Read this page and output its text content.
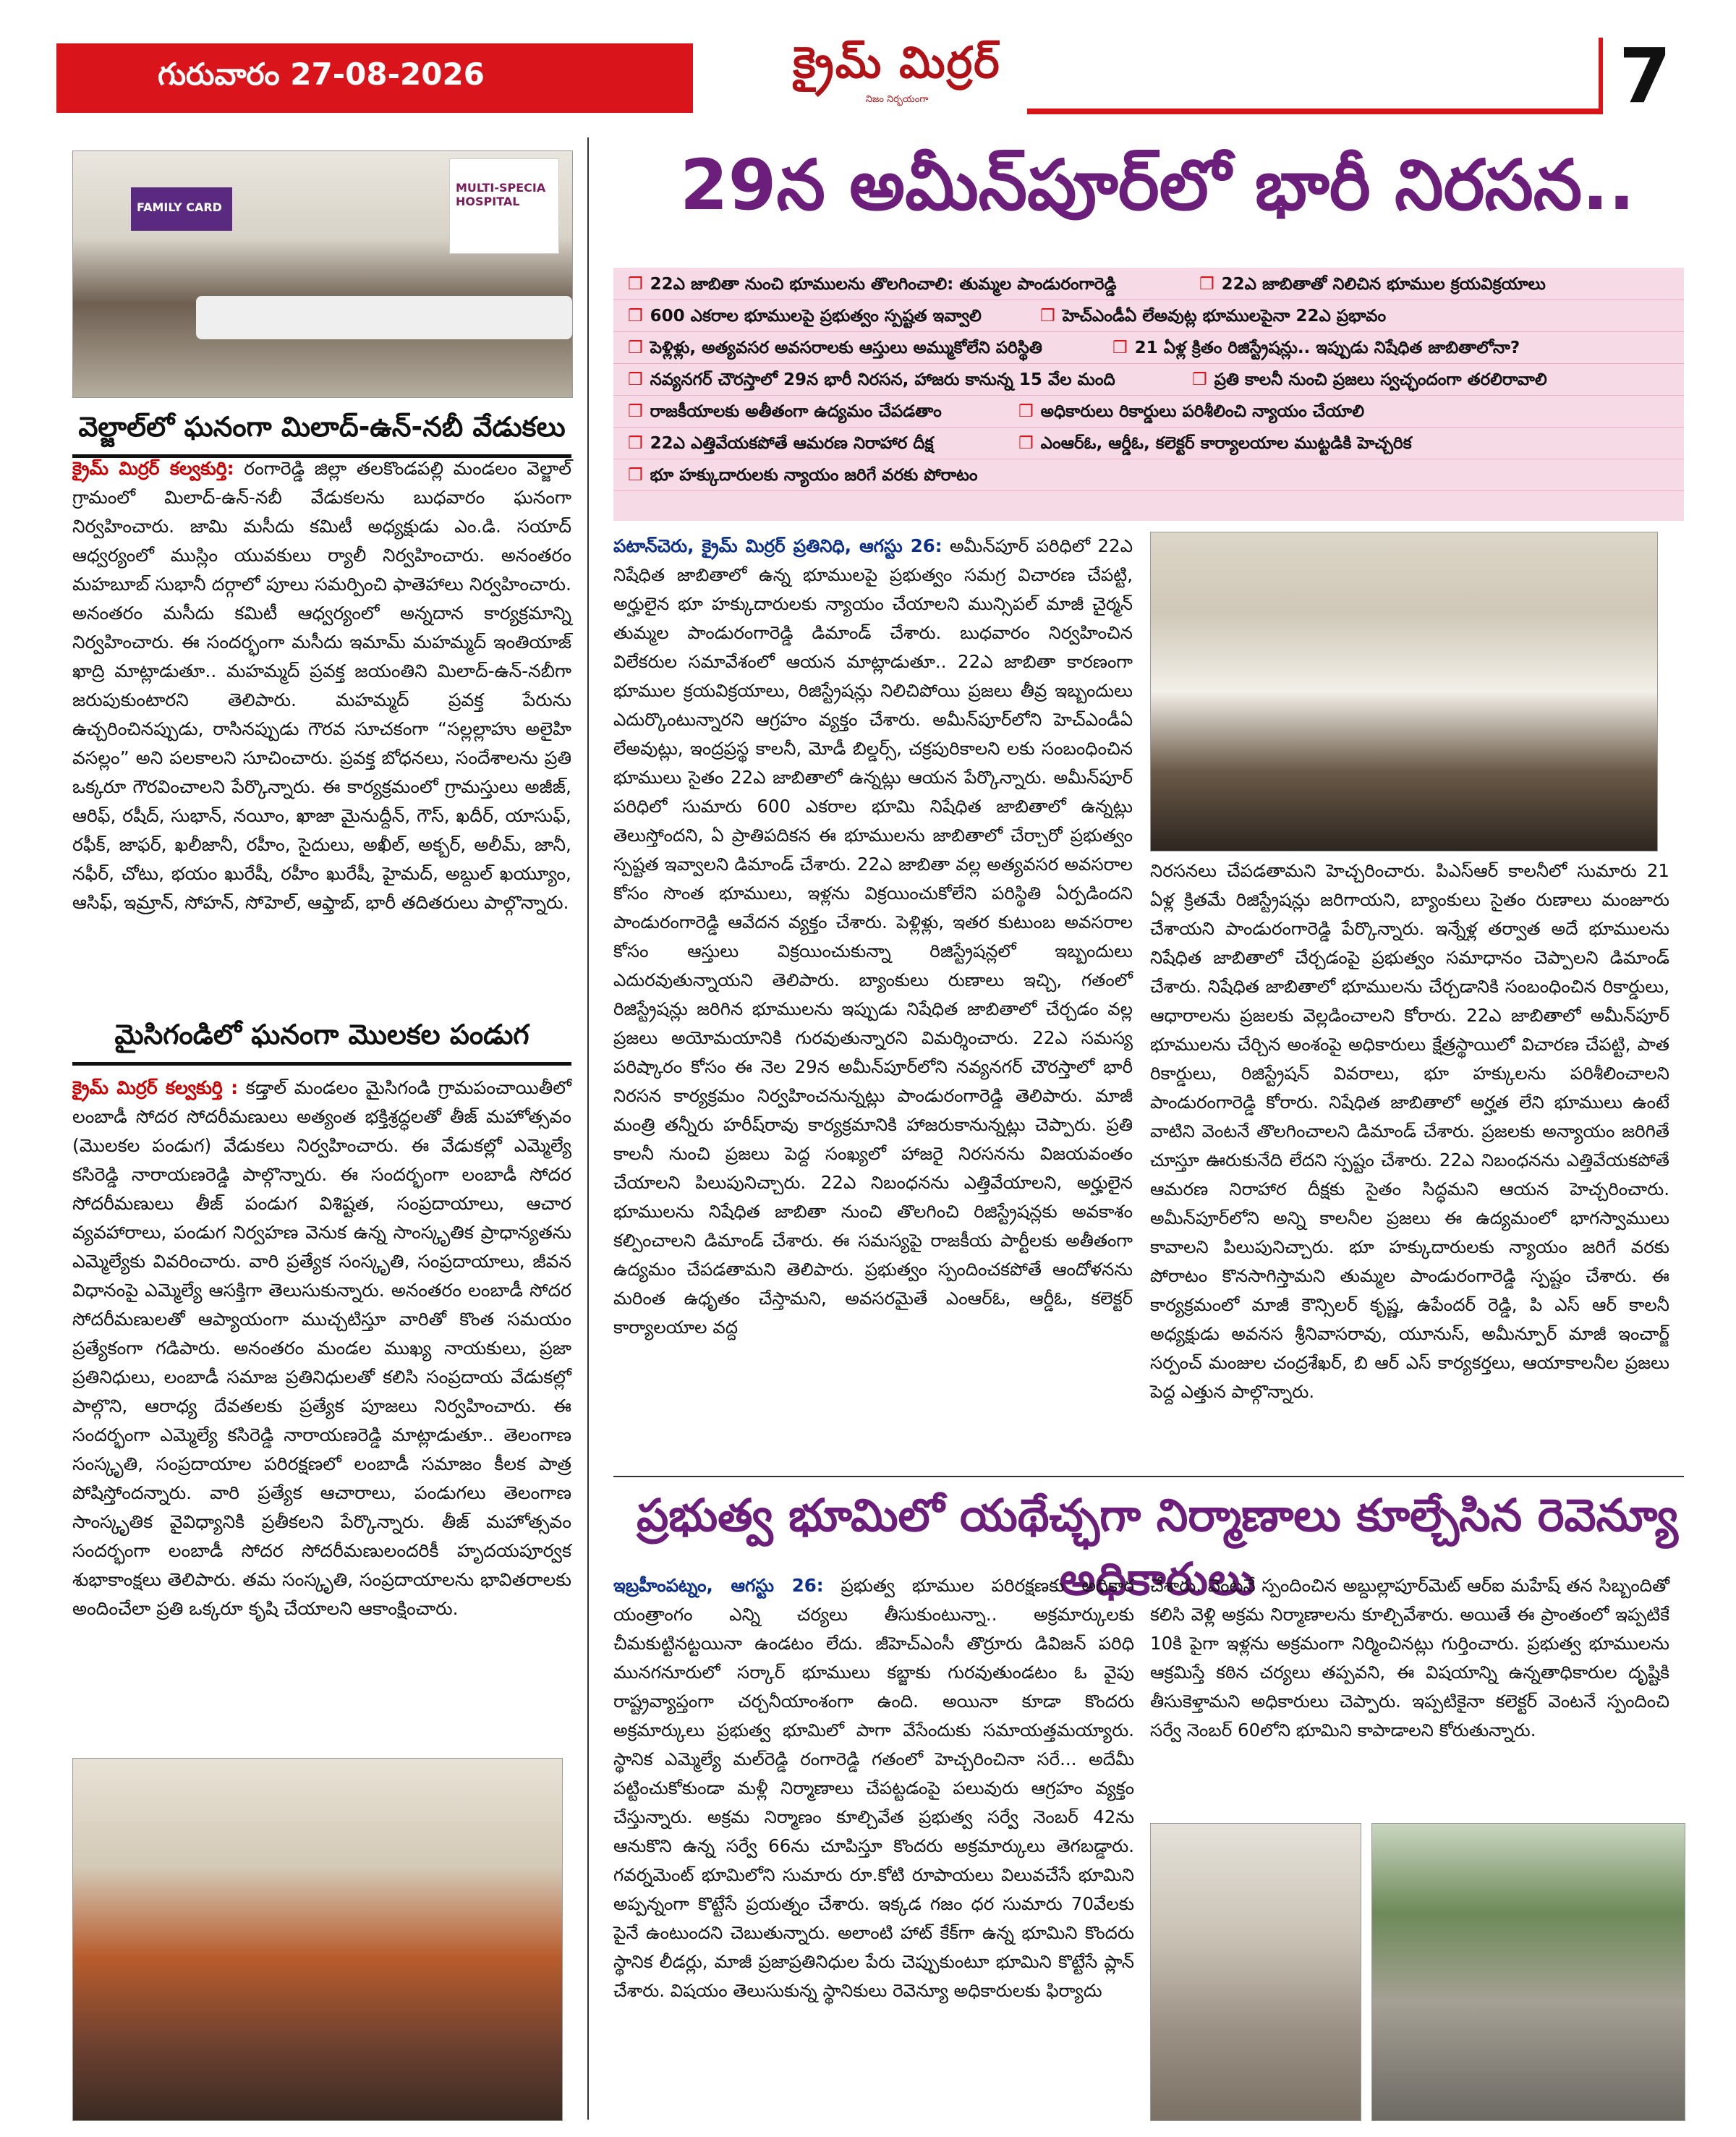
గురువారం 27-08-2026	క్రైమ్ మిర్రర్
నిజం నిర్భయంగా	7
MULTI-SPECIA HOSPITAL
FAMILY CARD
వెల్జాల్‌లో ఘనంగా మిలాద్-ఉన్-నబీ వేడుకలు

క్రైమ్ మిర్రర్ కల్వకుర్తి: రంగారెడ్డి జిల్లా తలకొండపల్లి మండలం వెల్జాల్ గ్రామంలో మిలాద్-ఉన్-నబీ వేడుకలను బుధవారం ఘనంగా నిర్వహించారు. జామి మసీదు కమిటీ అధ్యక్షుడు ఎం.డి. సయాద్ ఆధ్వర్యంలో ముస్లిం యువకులు ర్యాలీ నిర్వహించారు. అనంతరం మహబూబ్ సుభానీ దర్గాలో పూలు సమర్పించి ఫాతెహాలు నిర్వహించారు. అనంతరం మసీదు కమిటీ ఆధ్వర్యంలో అన్నదాన కార్యక్రమాన్ని నిర్వహించారు. ఈ సందర్భంగా మసీదు ఇమామ్ మహమ్మద్ ఇంతియాజ్ ఖాద్రి మాట్లాడుతూ.. మహమ్మద్ ప్రవక్త జయంతిని మిలాద్-ఉన్-నబీగా జరుపుకుంటారని తెలిపారు. మహమ్మద్ ప్రవక్త పేరును ఉచ్చరించినప్పుడు, రాసినప్పుడు గౌరవ సూచకంగా “సల్లల్లాహు అలైహి వసల్లం” అని పలకాలని సూచించారు. ప్రవక్త బోధనలు, సందేశాలను ప్రతి ఒక్కరూ గౌరవించాలని పేర్కొన్నారు. ఈ కార్యక్రమంలో గ్రామస్తులు అజీజ్, ఆరిఫ్, రషీద్, సుభాన్, నయీం, ఖాజా మైనుద్దీన్, గౌస్, ఖదీర్, యాసుఫ్, రఫీక్, జాఫర్, ఖలీజానీ, రహీం, సైదులు, అఖీల్, అక్బర్, అలీమ్, జానీ, నఫీర్, చోటు, భయం ఖురేషీ, రహీం ఖురేషీ, హైమద్, అబ్దుల్ ఖయ్యూం, ఆసిఫ్, ఇమ్రాన్, సోహన్, సోహెల్, ఆఫ్తాబ్, భారీ తదితరులు పాల్గొన్నారు.

మైసిగండిలో ఘనంగా మొలకల పండుగ

క్రైమ్ మిర్రర్ కల్వకుర్తి : కడ్తాల్ మండలం మైసిగండి గ్రామపంచాయితీలో లంబాడీ సోదర సోదరీమణులు అత్యంత భక్తిశ్రద్ధలతో తీజ్ మహోత్సవం (మొలకల పండుగ) వేడుకలు నిర్వహించారు. ఈ వేడుకల్లో ఎమ్మెల్యే కసిరెడ్డి నారాయణరెడ్డి పాల్గొన్నారు. ఈ సందర్భంగా లంబాడీ సోదర సోదరీమణులు తీజ్ పండుగ విశిష్టత, సంప్రదాయాలు, ఆచార వ్యవహారాలు, పండుగ నిర్వహణ వెనుక ఉన్న సాంస్కృతిక ప్రాధాన్యతను ఎమ్మెల్యేకు వివరించారు. వారి ప్రత్యేక సంస్కృతి, సంప్రదాయాలు, జీవన విధానంపై ఎమ్మెల్యే ఆసక్తిగా తెలుసుకున్నారు. అనంతరం లంబాడీ సోదర సోదరీమణులతో ఆప్యాయంగా ముచ్చటిస్తూ వారితో కొంత సమయం ప్రత్యేకంగా గడిపారు. అనంతరం మండల ముఖ్య నాయకులు, ప్రజా ప్రతినిధులు, లంబాడీ సమాజ ప్రతినిధులతో కలిసి సంప్రదాయ వేడుకల్లో పాల్గొని, ఆరాధ్య దేవతలకు ప్రత్యేక పూజలు నిర్వహించారు. ఈ సందర్భంగా ఎమ్మెల్యే కసిరెడ్డి నారాయణరెడ్డి మాట్లాడుతూ.. తెలంగాణ సంస్కృతి, సంప్రదాయాల పరిరక్షణలో లంబాడీ సమాజం కీలక పాత్ర పోషిస్తోందన్నారు. వారి ప్రత్యేక ఆచారాలు, పండుగలు తెలంగాణ సాంస్కృతిక వైవిధ్యానికి ప్రతీకలని పేర్కొన్నారు. తీజ్ మహోత్సవం సందర్భంగా లంబాడీ సోదర సోదరీమణులందరికీ హృదయపూర్వక శుభాకాంక్షలు తెలిపారు. తమ సంస్కృతి, సంప్రదాయాలను భావితరాలకు అందించేలా ప్రతి ఒక్కరూ కృషి చేయాలని ఆకాంక్షించారు.

29న అమీన్‌పూర్‌లో భారీ నిరసన..
❒ 22ఎ జాబితా నుంచి భూములను తొలగించాలి: తుమ్మల పాండురంగారెడ్డి	❒ 22ఎ జాబితాతో నిలిచిన భూముల క్రయవిక్రయాలు
❒ 600 ఎకరాల భూములపై ప్రభుత్వం స్పష్టత ఇవ్వాలి	❒ హెచ్‌ఎండీఏ లేఅవుట్ల భూములపైనా 22ఎ ప్రభావం
❒ పెళ్లిళ్లు, అత్యవసర అవసరాలకు ఆస్తులు అమ్ముకోలేని పరిస్థితి	❒ 21 ఏళ్ల క్రితం రిజిస్ట్రేషన్లు.. ఇప్పుడు నిషేధిత జాబితాలోనా?
❒ నవ్యనగర్ చౌరస్తాలో 29న భారీ నిరసన, హాజరు కానున్న 15 వేల మంది	❒ ప్రతి కాలనీ నుంచి ప్రజలు స్వచ్ఛందంగా తరలిరావాలి
❒ రాజకీయాలకు అతీతంగా ఉద్యమం చేపడతాం	❒ అధికారులు రికార్డులు పరిశీలించి న్యాయం చేయాలి
❒ 22ఎ ఎత్తివేయకపోతే ఆమరణ నిరాహార దీక్ష	❒ ఎంఆర్‌ఓ, ఆర్డీఓ, కలెక్టర్ కార్యాలయాల ముట్టడికి హెచ్చరిక
❒ భూ హక్కుదారులకు న్యాయం జరిగే వరకు పోరాటం

పటాన్‌చెరు, క్రైమ్ మిర్రర్ ప్రతినిధి, ఆగస్టు 26: అమీన్‌పూర్ పరిధిలో 22ఎ నిషేధిత జాబితాలో ఉన్న భూములపై ప్రభుత్వం సమగ్ర విచారణ చేపట్టి, అర్హులైన భూ హక్కుదారులకు న్యాయం చేయాలని మున్సిపల్ మాజీ చైర్మన్ తుమ్మల పాండురంగారెడ్డి డిమాండ్ చేశారు. బుధవారం నిర్వహించిన విలేకరుల సమావేశంలో ఆయన మాట్లాడుతూ.. 22ఎ జాబితా కారణంగా భూముల క్రయవిక్రయాలు, రిజిస్ట్రేషన్లు నిలిచిపోయి ప్రజలు తీవ్ర ఇబ్బందులు ఎదుర్కొంటున్నారని ఆగ్రహం వ్యక్తం చేశారు. అమీన్‌పూర్‌లోని హెచ్‌ఎండీఏ లేఅవుట్లు, ఇంద్రప్రస్థ కాలనీ, మోడీ బిల్డర్స్, చక్రపురికాలని లకు సంబంధించిన భూములు సైతం 22ఎ జాబితాలో ఉన్నట్లు ఆయన పేర్కొన్నారు. అమీన్‌పూర్ పరిధిలో సుమారు 600 ఎకరాల భూమి నిషేధిత జాబితాలో ఉన్నట్లు తెలుస్తోందని, ఏ ప్రాతిపదికన ఈ భూములను జాబితాలో చేర్చారో ప్రభుత్వం స్పష్టత ఇవ్వాలని డిమాండ్ చేశారు. 22ఎ జాబితా వల్ల అత్యవసర అవసరాల కోసం సొంత భూములు, ఇళ్లను విక్రయించుకోలేని పరిస్థితి ఏర్పడిందని పాండురంగారెడ్డి ఆవేదన వ్యక్తం చేశారు. పెళ్లిళ్లు, ఇతర కుటుంబ అవసరాల కోసం ఆస్తులు విక్రయించుకున్నా రిజిస్ట్రేషన్లలో ఇబ్బందులు ఎదురవుతున్నాయని తెలిపారు. బ్యాంకులు రుణాలు ఇచ్చి, గతంలో రిజిస్ట్రేషన్లు జరిగిన భూములను ఇప్పుడు నిషేధిత జాబితాలో చేర్చడం వల్ల ప్రజలు అయోమయానికి గురవుతున్నారని విమర్శించారు. 22ఎ సమస్య పరిష్కారం కోసం ఈ నెల 29న అమీన్‌పూర్‌లోని నవ్యనగర్ చౌరస్తాలో భారీ నిరసన కార్యక్రమం నిర్వహించనున్నట్లు పాండురంగారెడ్డి తెలిపారు. మాజీ మంత్రి తన్నీరు హరీష్‌రావు కార్యక్రమానికి హాజరుకానున్నట్లు చెప్పారు. ప్రతి కాలనీ నుంచి ప్రజలు పెద్ద సంఖ్యలో హాజరై నిరసనను విజయవంతం చేయాలని పిలుపునిచ్చారు. 22ఎ నిబంధనను ఎత్తివేయాలని, అర్హులైన భూములను నిషేధిత జాబితా నుంచి తొలగించి రిజిస్ట్రేషన్లకు అవకాశం కల్పించాలని డిమాండ్ చేశారు. ఈ సమస్యపై రాజకీయ పార్టీలకు అతీతంగా ఉద్యమం చేపడతామని తెలిపారు. ప్రభుత్వం స్పందించకపోతే ఆందోళనను మరింత ఉధృతం చేస్తామని, అవసరమైతే ఎంఆర్‌ఓ, ఆర్డీఓ, కలెక్టర్ కార్యాలయాల వద్ద

నిరసనలు చేపడతామని హెచ్చరించారు. పిఎస్‌ఆర్ కాలనీలో సుమారు 21 ఏళ్ల క్రితమే రిజిస్ట్రేషన్లు జరిగాయని, బ్యాంకులు సైతం రుణాలు మంజూరు చేశాయని పాండురంగారెడ్డి పేర్కొన్నారు. ఇన్నేళ్ల తర్వాత అదే భూములను నిషేధిత జాబితాలో చేర్చడంపై ప్రభుత్వం సమాధానం చెప్పాలని డిమాండ్ చేశారు. నిషేధిత జాబితాలో భూములను చేర్చడానికి సంబంధించిన రికార్డులు, ఆధారాలను ప్రజలకు వెల్లడించాలని కోరారు. 22ఎ జాబితాలో అమీన్‌పూర్ భూములను చేర్చిన అంశంపై అధికారులు క్షేత్రస్థాయిలో విచారణ చేపట్టి, పాత రికార్డులు, రిజిస్ట్రేషన్ వివరాలు, భూ హక్కులను పరిశీలించాలని పాండురంగారెడ్డి కోరారు. నిషేధిత జాబితాలో అర్హత లేని భూములు ఉంటే వాటిని వెంటనే తొలగించాలని డిమాండ్ చేశారు. ప్రజలకు అన్యాయం జరిగితే చూస్తూ ఊరుకునేది లేదని స్పష్టం చేశారు. 22ఎ నిబంధనను ఎత్తివేయకపోతే ఆమరణ నిరాహార దీక్షకు సైతం సిద్ధమని ఆయన హెచ్చరించారు. అమీన్‌పూర్‌లోని అన్ని కాలనీల ప్రజలు ఈ ఉద్యమంలో భాగస్వాములు కావాలని పిలుపునిచ్చారు. భూ హక్కుదారులకు న్యాయం జరిగే వరకు పోరాటం కొనసాగిస్తామని తుమ్మల పాండురంగారెడ్డి స్పష్టం చేశారు. ఈ కార్యక్రమంలో మాజీ కౌన్సిలర్ కృష్ణ, ఉపేందర్ రెడ్డి, పి ఎస్ ఆర్ కాలనీ అధ్యక్షుడు అవనస శ్రీనివాసరావు, యూనుస్, అమీన్పూర్ మాజీ ఇంచార్జ్ సర్పంచ్ మంజుల చంద్రశేఖర్, బి ఆర్ ఎస్ కార్యకర్తలు, ఆయాకాలనీల ప్రజలు పెద్ద ఎత్తున పాల్గొన్నారు.

ప్రభుత్వ భూమిలో యథేచ్ఛగా నిర్మాణాలు కూల్చేసిన రెవెన్యూ అధికారులు

ఇబ్రహీంపట్నం, ఆగస్టు 26: ప్రభుత్వ భూముల పరిరక్షణకు అధికార యంత్రాంగం ఎన్ని చర్యలు తీసుకుంటున్నా.. అక్రమార్కులకు చీమకుట్టినట్టయినా ఉండటం లేదు. జీహెచ్‌ఎంసీ తొర్రూరు డివిజన్ పరిధి మునగనూరులో సర్కార్ భూములు కబ్జాకు గురవుతుండటం ఓ వైపు రాష్ట్రవ్యాప్తంగా చర్చనీయాంశంగా ఉంది. అయినా కూడా కొందరు అక్రమార్కులు ప్రభుత్వ భూమిలో పాగా వేసేందుకు సమాయత్తమయ్యారు. స్థానిక ఎమ్మెల్యే మల్‌రెడ్డి రంగారెడ్డి గతంలో హెచ్చరించినా సరే... అదేమీ పట్టించుకోకుండా మళ్లీ నిర్మాణాలు చేపట్టడంపై పలువురు ఆగ్రహం వ్యక్తం చేస్తున్నారు. అక్రమ నిర్మాణం కూల్చివేత ప్రభుత్వ సర్వే నెంబర్ 42ను ఆనుకొని ఉన్న సర్వే 66ను చూపిస్తూ కొందరు అక్రమార్కులు తెగబడ్డారు. గవర్నమెంట్ భూమిలోని సుమారు రూ.కోటి రూపాయలు విలువచేసే భూమిని అప్పన్నంగా కొట్టేసే ప్రయత్నం చేశారు. ఇక్కడ గజం ధర సుమారు 70వేలకు పైనే ఉంటుందని చెబుతున్నారు. అలాంటి హాట్ కేక్‌గా ఉన్న భూమిని కొందరు స్థానిక లీడర్లు, మాజీ ప్రజాప్రతినిధుల పేరు చెప్పుకుంటూ భూమిని కొట్టేసే ప్లాన్ చేశారు. విషయం తెలుసుకున్న స్థానికులు రెవెన్యూ అధికారులకు ఫిర్యాదు

చేశారు. వెంటనే స్పందించిన అబ్దుల్లాపూర్‌మెట్ ఆర్‌ఐ మహేష్ తన సిబ్బందితో కలిసి వెళ్లి అక్రమ నిర్మాణాలను కూల్చివేశారు. అయితే ఈ ప్రాంతంలో ఇప్పటికే 10కి పైగా ఇళ్లను అక్రమంగా నిర్మించినట్లు గుర్తించారు. ప్రభుత్వ భూములను ఆక్రమిస్తే కఠిన చర్యలు తప్పవని, ఈ విషయాన్ని ఉన్నతాధికారుల దృష్టికి తీసుకెళ్తామని అధికారులు చెప్పారు. ఇప్పటికైనా కలెక్టర్ వెంటనే స్పందించి సర్వే నెంబర్ 60లోని భూమిని కాపాడాలని కోరుతున్నారు.
